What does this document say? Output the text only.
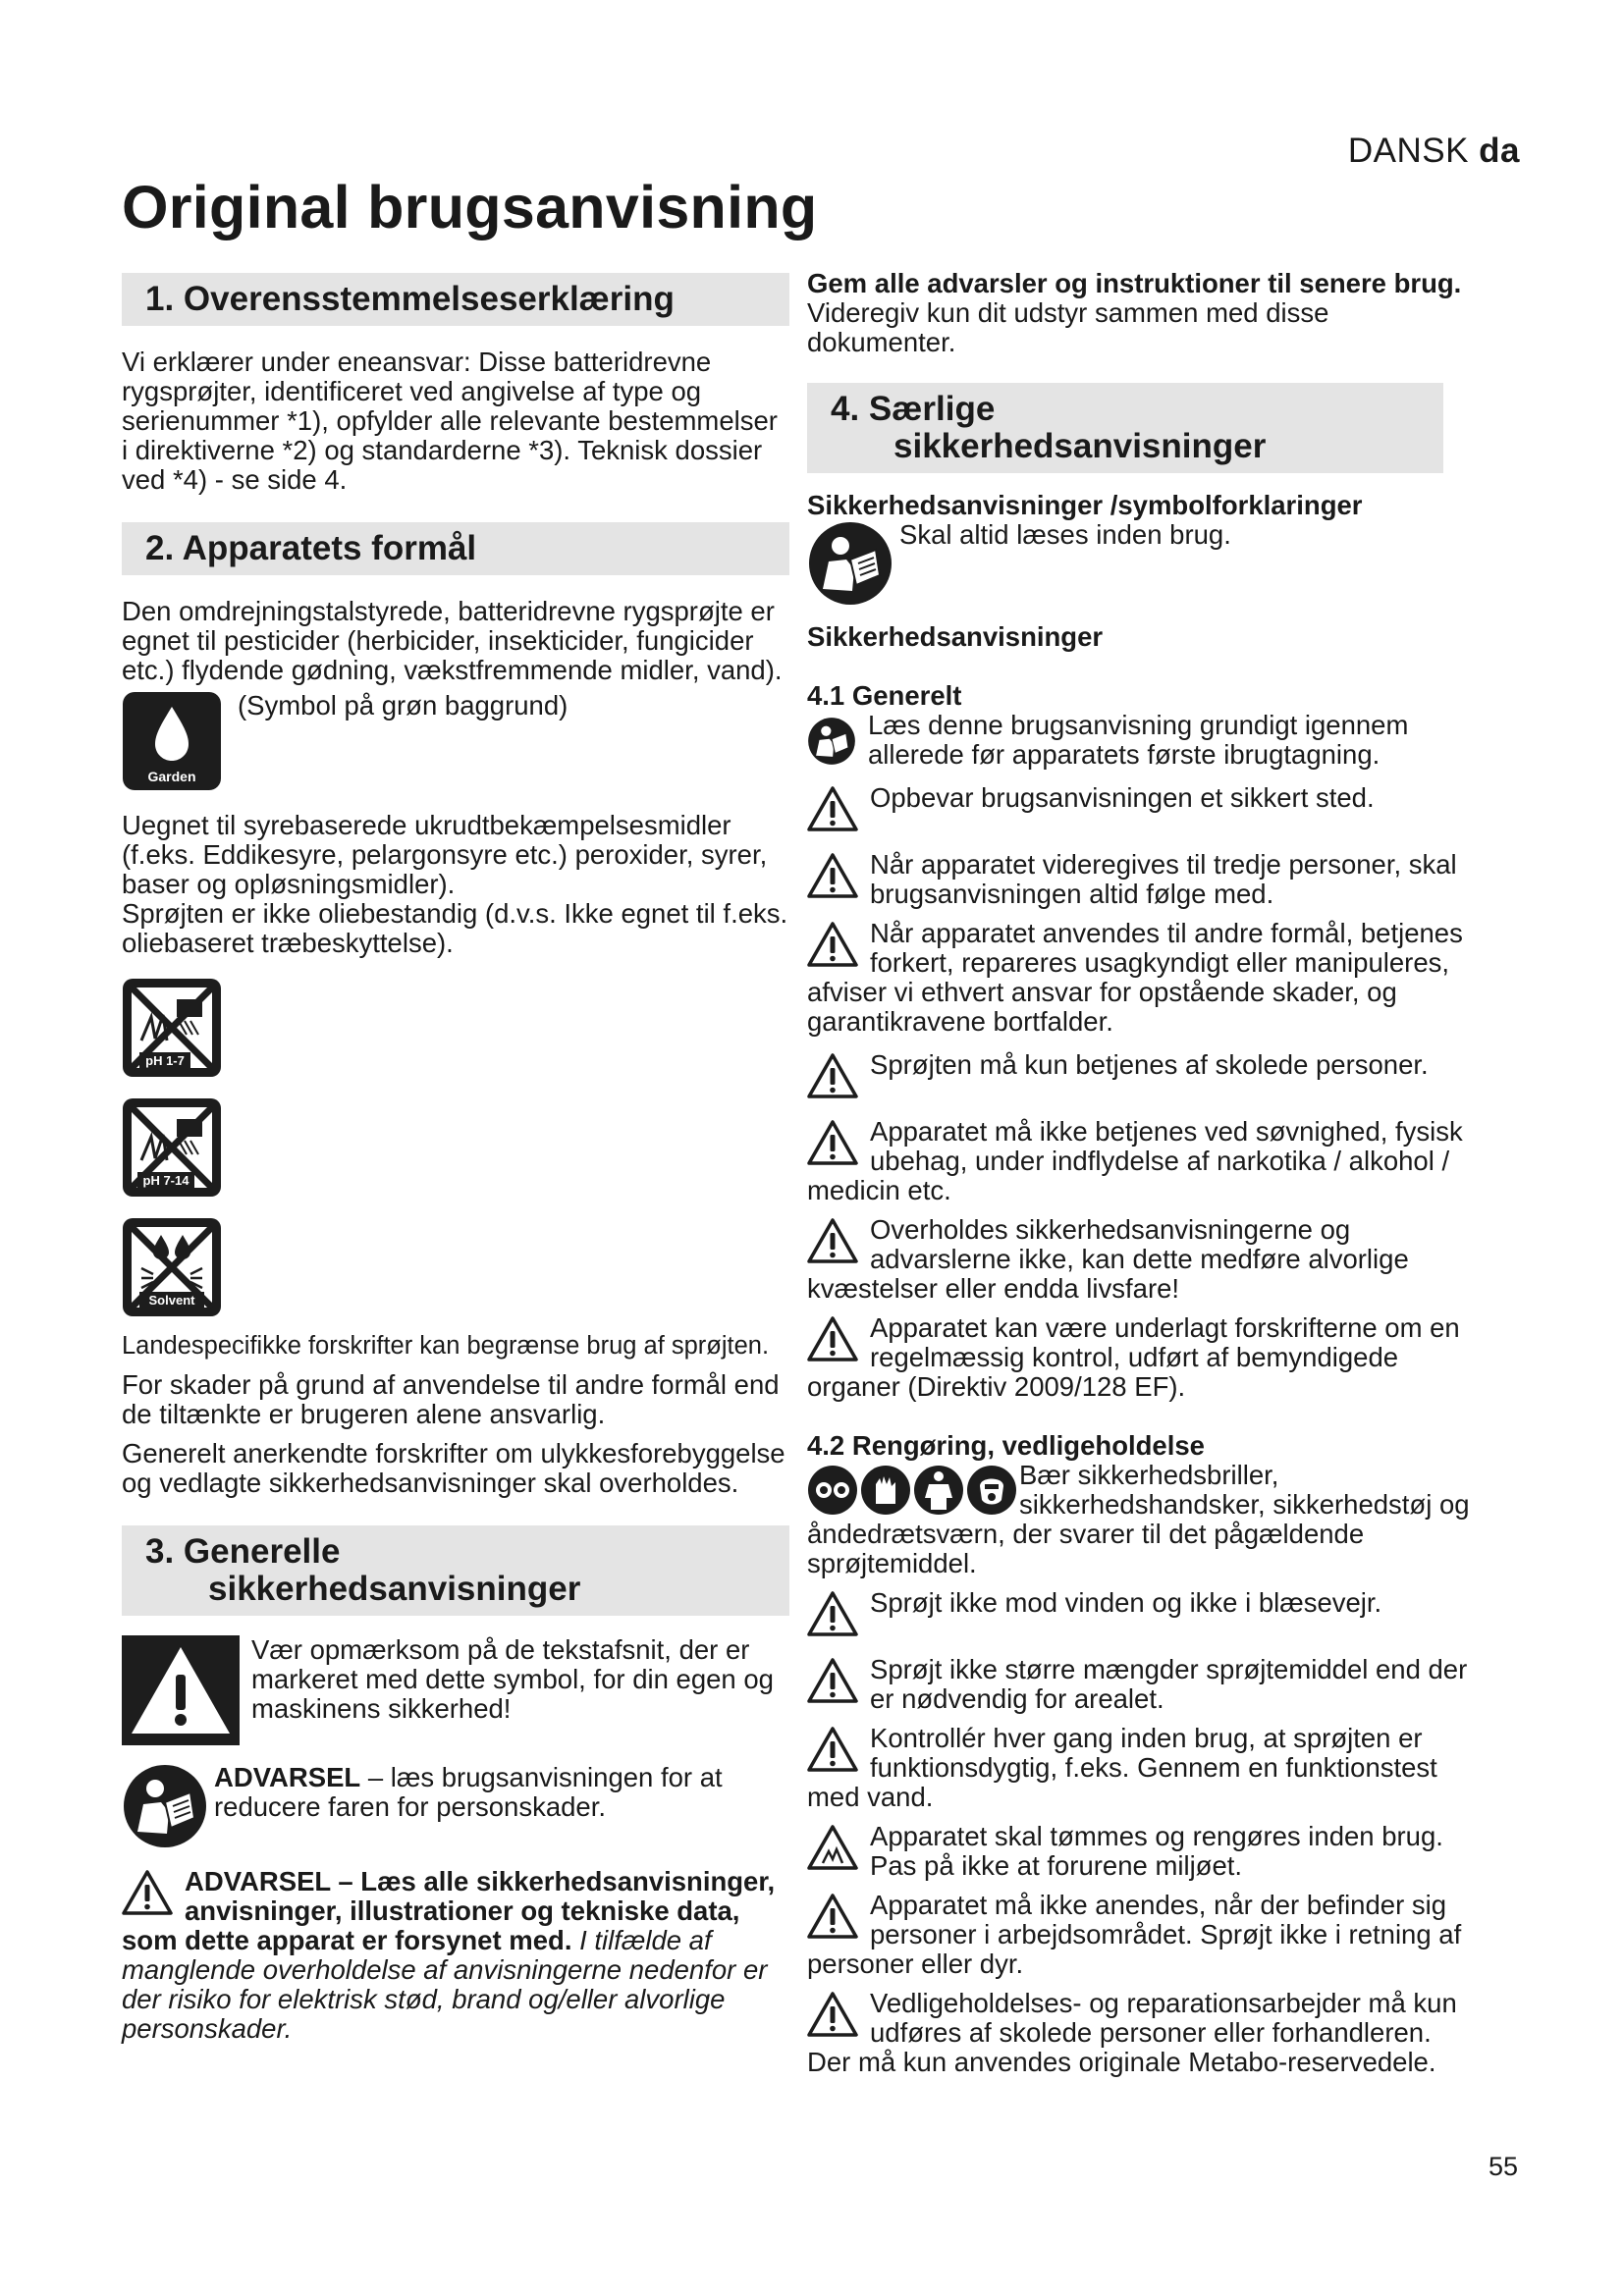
DANSK da
Original brugsanvisning
1. Overensstemmelseserklæring

Vi erklærer under eneansvar: Disse batteridrevne rygsprøjter, identificeret ved angivelse af type og serienummer *1), opfylder alle relevante bestemmelser i direktiverne *2) og standarderne *3). Teknisk dossier ved *4) - se side 4.

2. Apparatets formål

Den omdrejningstalstyrede, batteridrevne rygsprøjte er egnet til pesticider (herbicider, insekticider, fungicider etc.) flydende gødning, vækstfremmende midler, vand).

Garden
(Symbol på grøn baggrund)

Uegnet til syrebaserede ukrudtbekæmpelsesmidler (f.eks. Eddikesyre, pelargonsyre etc.) peroxider, syrer, baser og opløsningsmidler).

Sprøjten er ikke oliebestandig (d.v.s. Ikke egnet til f.eks. oliebaseret træbeskyttelse).

pH 1-7
pH 7-14
Solvent

Landespecifikke forskrifter kan begrænse brug af sprøjten.

For skader på grund af anvendelse til andre formål end de tiltænkte er brugeren alene ansvarlig.

Generelt anerkendte forskrifter om ulykkesforebyggelse og vedlagte sikkerhedsanvisninger skal overholdes.

3. Generelle
sikkerhedsanvisninger
Vær opmærksom på de tekstafsnit, der er markeret med dette symbol, for din egen og maskinens sikkerhed!
ADVARSEL – læs brugsanvisningen for at reducere faren for personskader.
ADVARSEL – Læs alle sikkerhedsanvisninger, anvisninger, illustrationer og tekniske data, som dette apparat er forsynet med. I tilfælde af manglende overholdelse af anvisningerne nedenfor er der risiko for elektrisk stød, brand og/eller alvorlige personskader.
Gem alle advarsler og instruktioner til senere brug.

Videregiv kun dit udstyr sammen med disse dokumenter.

4. Særlige
sikkerhedsanvisninger
Sikkerhedsanvisninger /symbolforklaringer
Skal altid læses inden brug.
Sikkerhedsanvisninger
4.1 Generelt
Læs denne brugsanvisning grundigt igennem allerede før apparatets første ibrugtagning.
Opbevar brugsanvisningen et sikkert sted.
Når apparatet videregives til tredje personer, skal brugsanvisningen altid følge med.
Når apparatet anvendes til andre formål, betjenes forkert, repareres usagkyndigt eller manipuleres, afviser vi ethvert ansvar for opstående skader, og garantikravene bortfalder.
Sprøjten må kun betjenes af skolede personer.
Apparatet må ikke betjenes ved søvnighed, fysisk ubehag, under indflydelse af narkotika / alkohol / medicin etc.
Overholdes sikkerhedsanvisningerne og advarslerne ikke, kan dette medføre alvorlige kvæstelser eller endda livsfare!
Apparatet kan være underlagt forskrifterne om en regelmæssig kontrol, udført af bemyndigede organer (Direktiv 2009/128 EF).
4.2 Rengøring, vedligeholdelse
Bær sikkerhedsbriller, sikkerhedshandsker, sikkerhedstøj og åndedrætsværn, der svarer til det pågældende sprøjtemiddel.
Sprøjt ikke mod vinden og ikke i blæsevejr.
Sprøjt ikke større mængder sprøjtemiddel end der er nødvendig for arealet.
Kontrollér hver gang inden brug, at sprøjten er funktionsdygtig, f.eks. Gennem en funktionstest med vand.
Apparatet skal tømmes og rengøres inden brug. Pas på ikke at forurene miljøet.
Apparatet må ikke anendes, når der befinder sig personer i arbejdsområdet. Sprøjt ikke i retning af personer eller dyr.
Vedligeholdelses- og reparationsarbejder må kun udføres af skolede personer eller forhandleren. Der må kun anvendes originale Metabo-reservedele.
55
